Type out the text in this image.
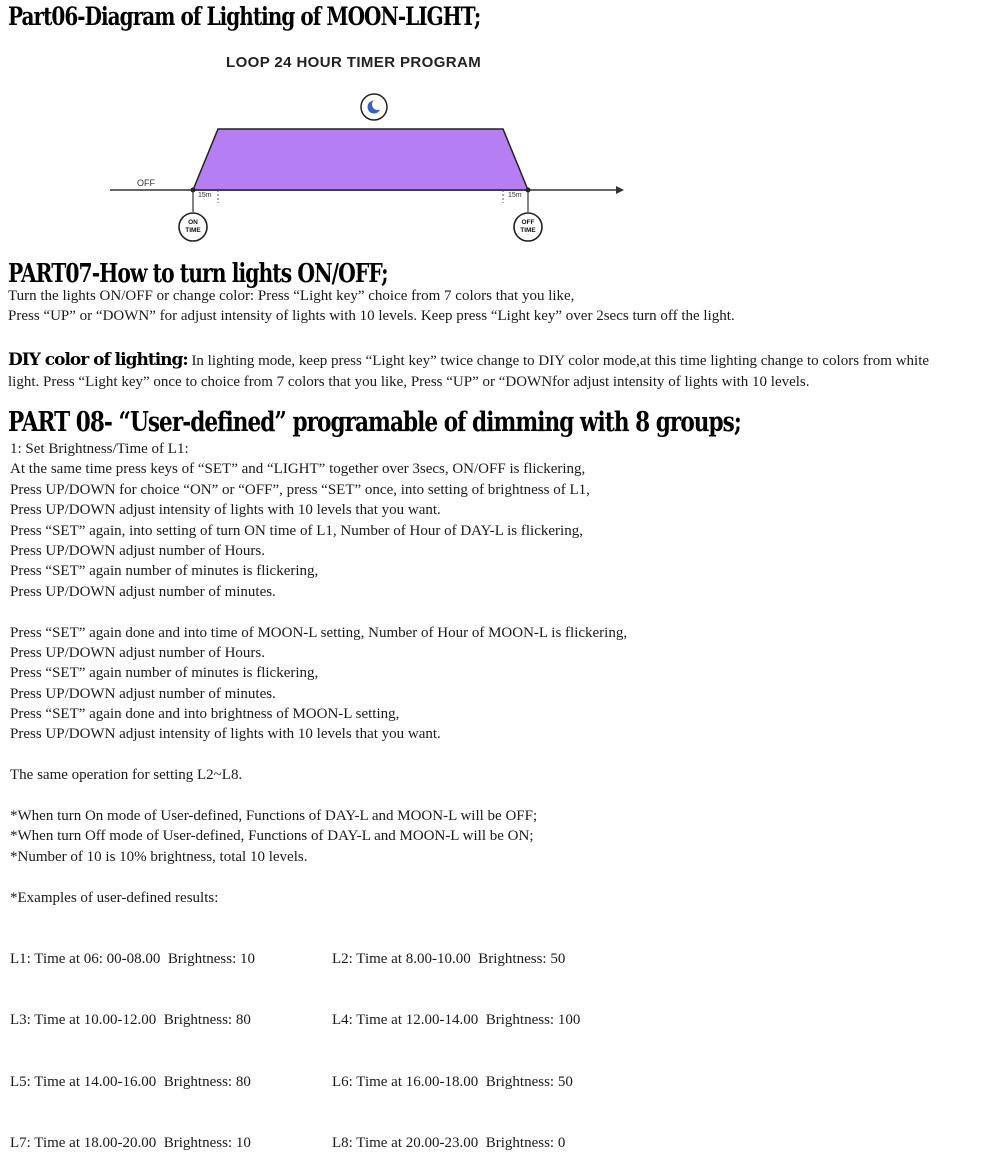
Part06-Diagram of Lighting of MOON-LIGHT;
LOOP 24 HOUR TIMER PROGRAM
OFF
15m	15m
ON
TIME
OFF
TIME
PART07-How to turn lights ON/OFF;
Turn the lights ON/OFF or change color: Press “Light key” choice from 7 colors that you like,
Press “UP” or “DOWN” for adjust intensity of lights with 10 levels. Keep press “Light key” over 2secs turn off the light.
DIY color of lighting: In lighting mode, keep press “Light key” twice change to DIY color mode,at this time lighting change to colors from white
light. Press “Light key” once to choice from 7 colors that you like, Press “UP” or “DOWNfor adjust intensity of lights with 10 levels.
PART 08- “User-defined” programable of dimming with 8 groups;
1: Set Brightness/Time of L1:
At the same time press keys of “SET” and “LIGHT” together over 3secs, ON/OFF is flickering,
Press UP/DOWN for choice “ON” or “OFF”, press “SET” once, into setting of brightness of L1,
Press UP/DOWN adjust intensity of lights with 10 levels that you want.
Press “SET” again, into setting of turn ON time of L1, Number of Hour of DAY-L is flickering,
Press UP/DOWN adjust number of Hours.
Press “SET” again number of minutes is flickering,
Press UP/DOWN adjust number of minutes.
Press “SET” again done and into time of MOON-L setting, Number of Hour of MOON-L is flickering,
Press UP/DOWN adjust number of Hours.
Press “SET” again number of minutes is flickering,
Press UP/DOWN adjust number of minutes.
Press “SET” again done and into brightness of MOON-L setting,
Press UP/DOWN adjust intensity of lights with 10 levels that you want.
The same operation for setting L2~L8.
*When turn On mode of User-defined, Functions of DAY-L and MOON-L will be OFF;
*When turn Off mode of User-defined, Functions of DAY-L and MOON-L will be ON;
*Number of 10 is 10% brightness, total 10 levels.
*Examples of user-defined results:

L1: Time at 06: 00-08.00  Brightness: 10

L3: Time at 10.00-12.00  Brightness: 80

L5: Time at 14.00-16.00  Brightness: 80

L7: Time at 18.00-20.00  Brightness: 10

L2: Time at 8.00-10.00  Brightness: 50

L4: Time at 12.00-14.00  Brightness: 100

L6: Time at 16.00-18.00  Brightness: 50

L8: Time at 20.00-23.00  Brightness: 0
